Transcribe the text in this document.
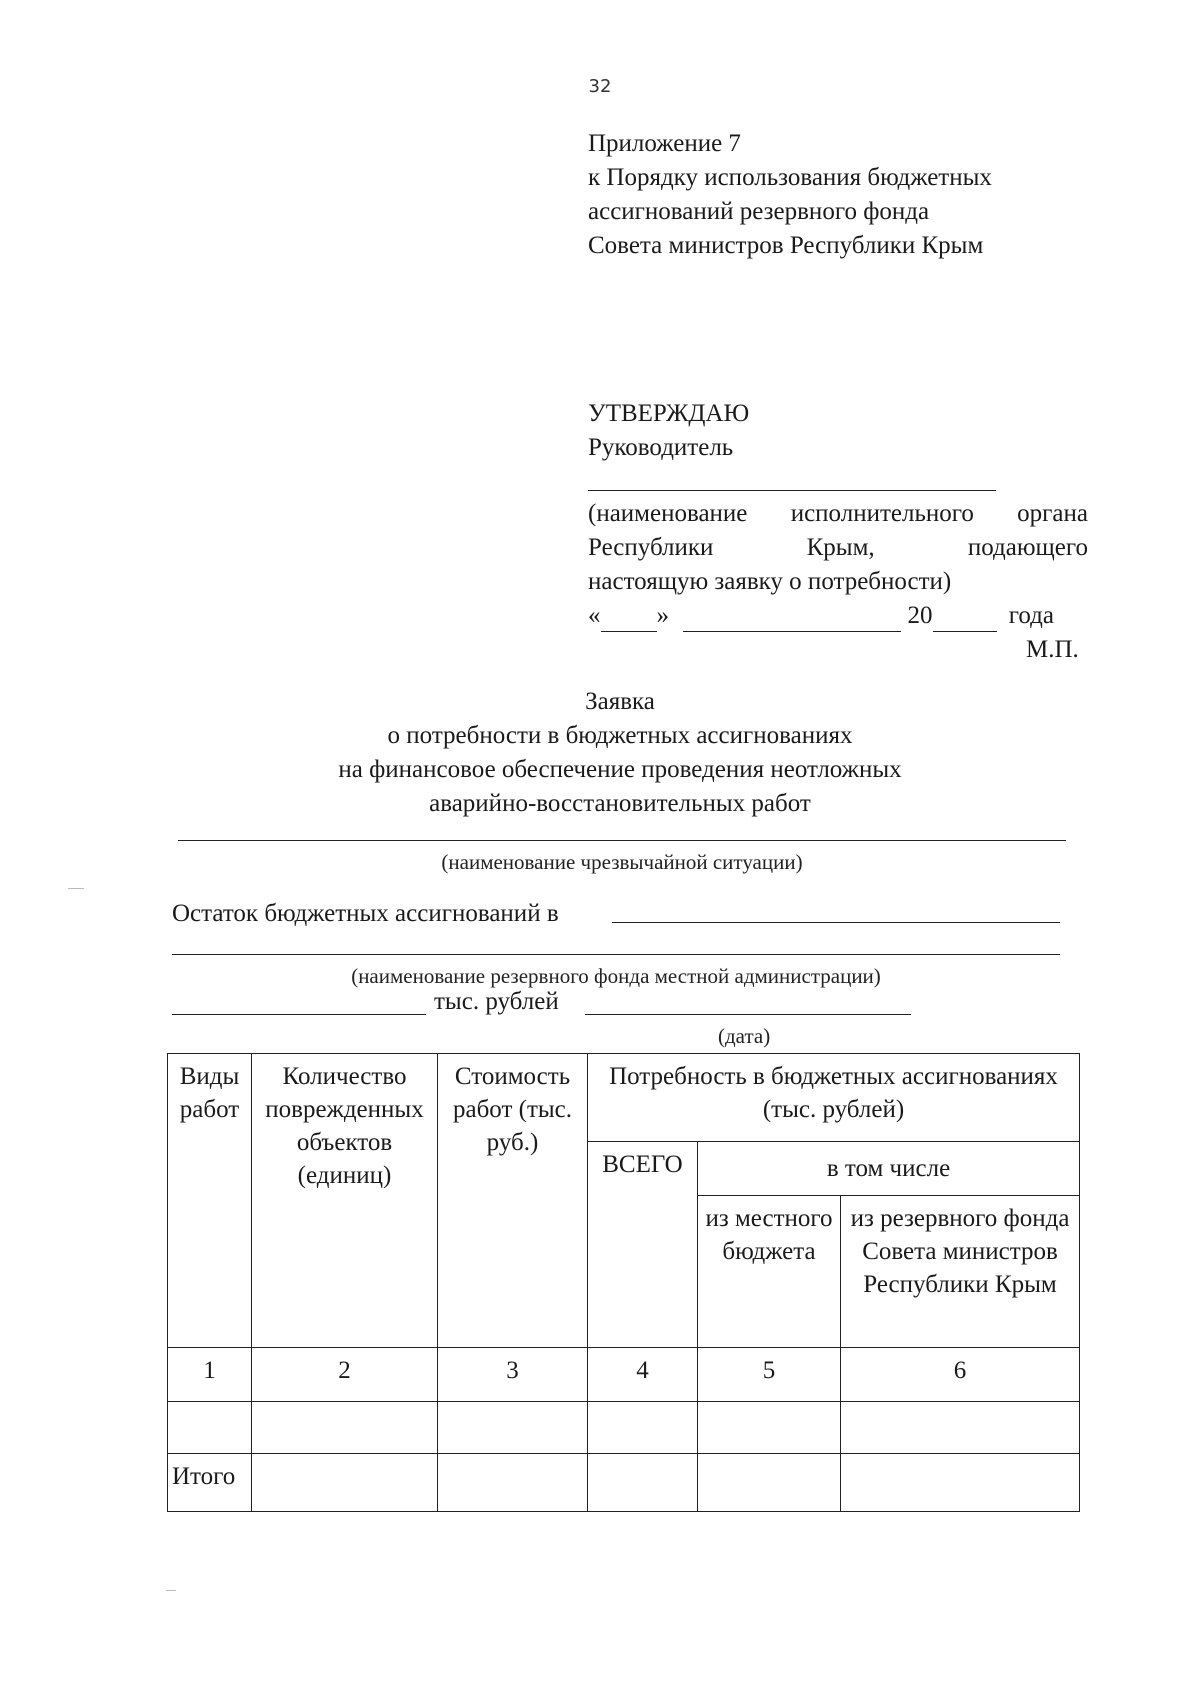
32
Приложение 7
к Порядку использования бюджетных
ассигнований резервного фонда
Совета министров Республики Крым
УТВЕРЖДАЮ
Руководитель
(наименование исполнительного органа
Республики	Крым,	подающего
настоящую заявку о потребности)
« »	20	года
М.П.
Заявка
о потребности в бюджетных ассигнованиях
на финансовое обеспечение проведения неотложных
аварийно-восстановительных работ
(наименование чрезвычайной ситуации)
Остаток бюджетных ассигнований в
(наименование резервного фонда местной администрации)
тыс. рублей
(дата)
Виды работ	Количество поврежденных объектов (единиц)	Стоимость работ (тыс. руб.)	Потребность в бюджетных ассигнованиях (тыс. рублей)		
			ВСЕГО	в том числе	
				из местного бюджета	из резервного фонда Совета министров Республики Крым
1	2	3	4	5	6

Итого					
